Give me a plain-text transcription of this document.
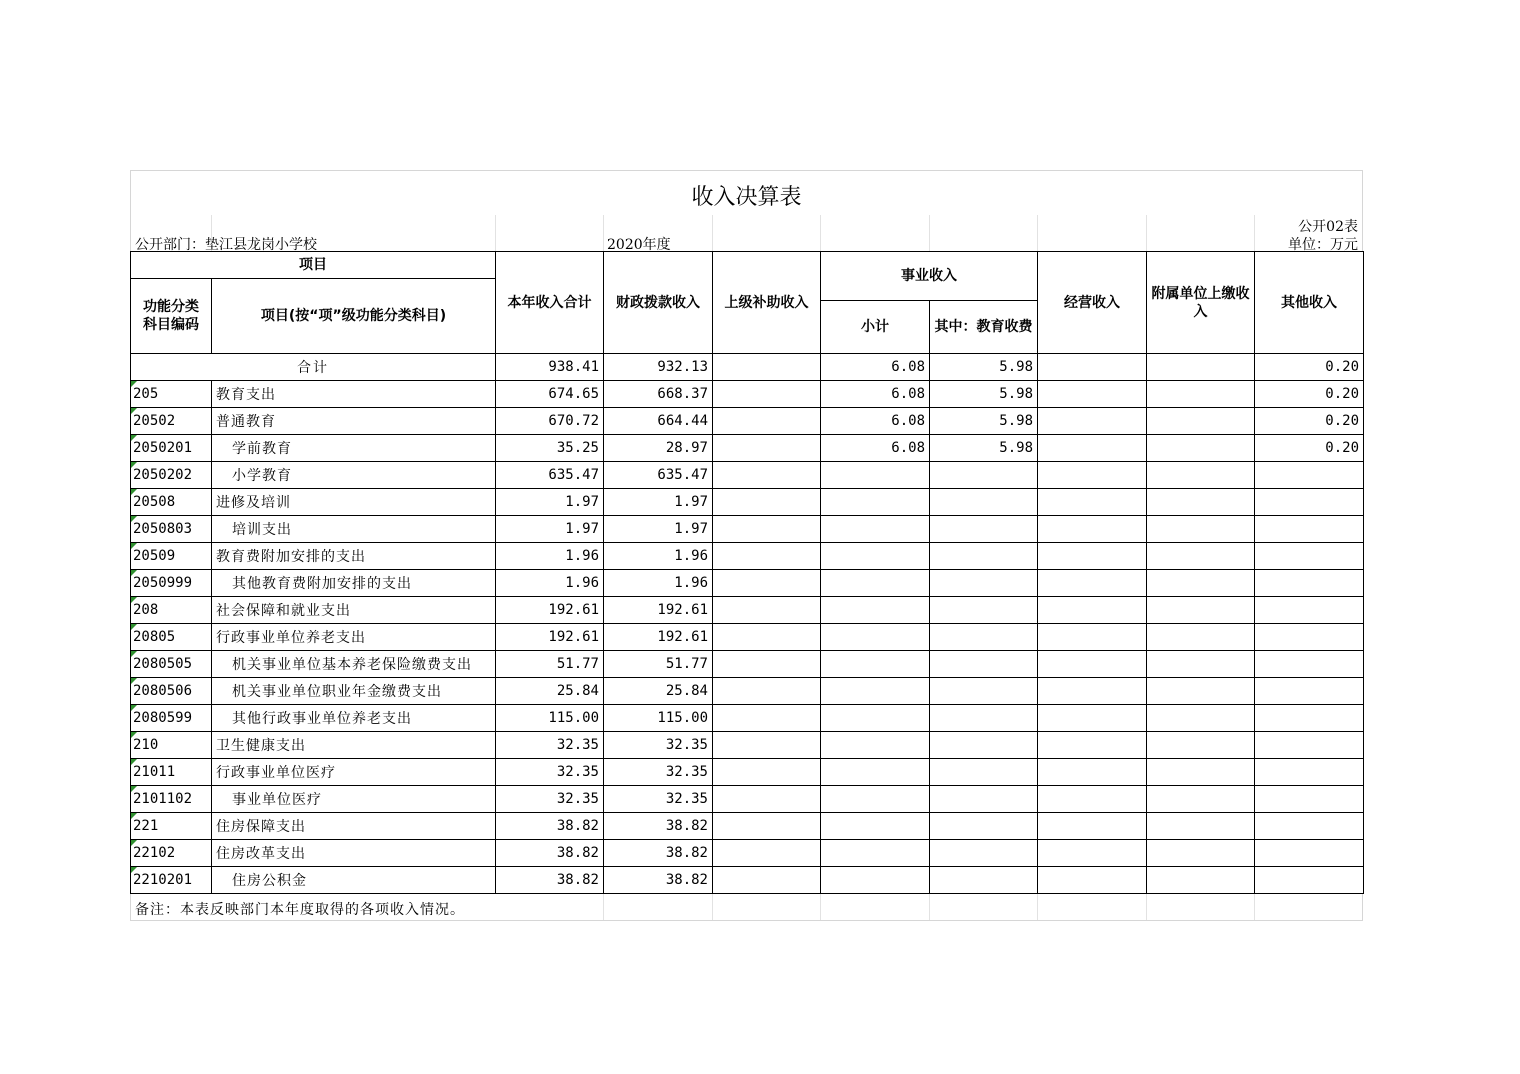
收入决算表
公开02表
公开部门：垫江县龙岗小学校	2020年度	单位：万元
项目		本年收入合计	财政拨款收入	上级补助收入	事业收入		经营收入	附属单位上缴收入	其他收入
功能分类科目编码	项目(按“项”级功能分类科目)								
					小计	其中：教育收费			
合计		938.41	932.13		6.08	5.98			0.20
205	教育支出	674.65	668.37		6.08	5.98			0.20
20502	普通教育	670.72	664.44		6.08	5.98			0.20
2050201	学前教育	35.25	28.97		6.08	5.98			0.20
2050202	小学教育	635.47	635.47						
20508	进修及培训	1.97	1.97						
2050803	培训支出	1.97	1.97						
20509	教育费附加安排的支出	1.96	1.96						
2050999	其他教育费附加安排的支出	1.96	1.96						
208	社会保障和就业支出	192.61	192.61						
20805	行政事业单位养老支出	192.61	192.61						
2080505	机关事业单位基本养老保险缴费支出	51.77	51.77						
2080506	机关事业单位职业年金缴费支出	25.84	25.84						
2080599	其他行政事业单位养老支出	115.00	115.00						
210	卫生健康支出	32.35	32.35						
21011	行政事业单位医疗	32.35	32.35						
2101102	事业单位医疗	32.35	32.35						
221	住房保障支出	38.82	38.82						
22102	住房改革支出	38.82	38.82						
2210201	住房公积金	38.82	38.82						
备注：本表反映部门本年度取得的各项收入情况。
